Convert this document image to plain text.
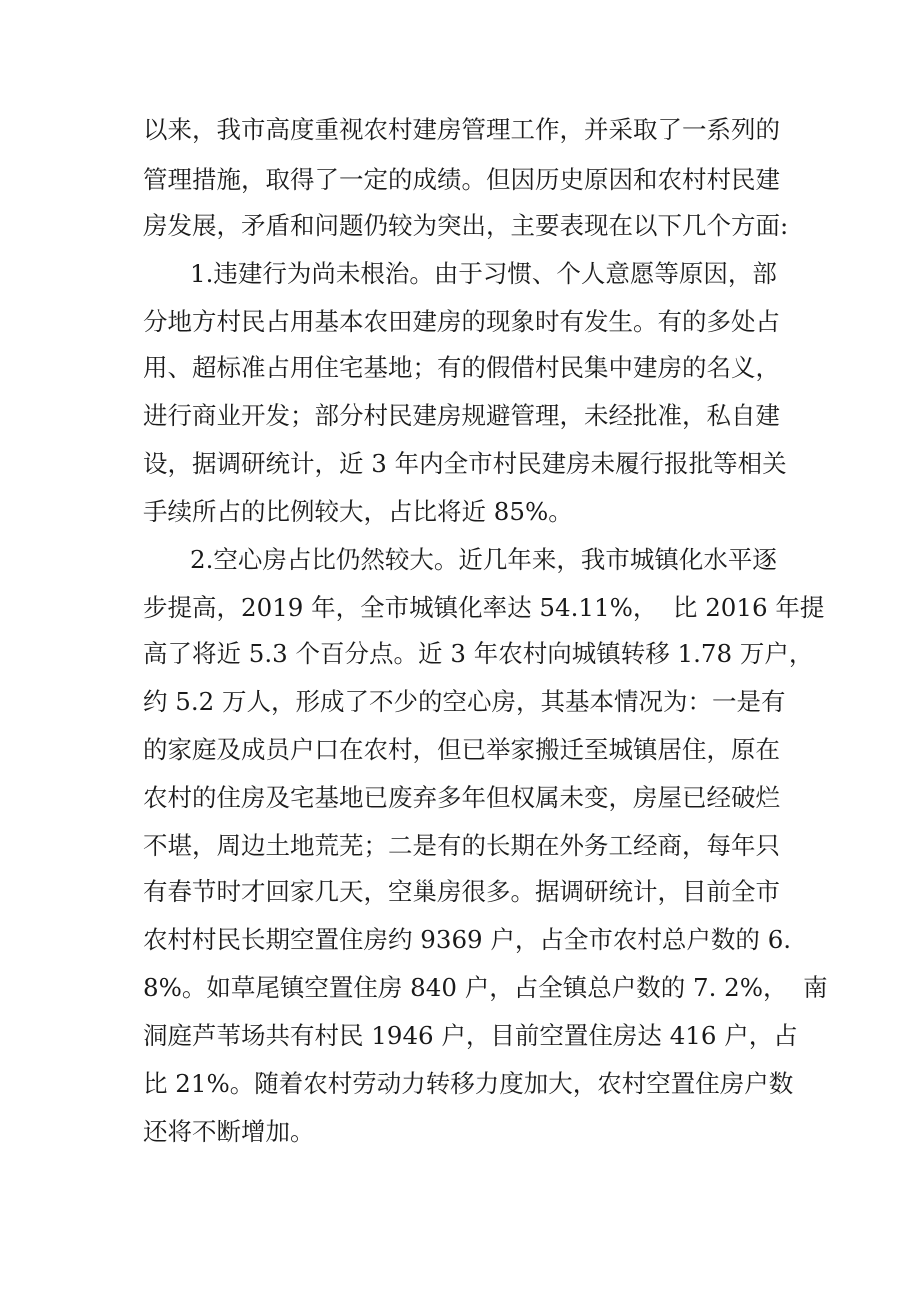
以来，我市高度重视农村建房管理工作，并采取了一系列的

管理措施，取得了一定的成绩。但因历史原因和农村村民建

房发展，矛盾和问题仍较为突出，主要表现在以下几个方面:

1.违建行为尚未根治。由于习惯、个人意愿等原因，部

分地方村民占用基本农田建房的现象时有发生。有的多处占

用、超标准占用住宅基地；有的假借村民集中建房的名义，

进行商业开发；部分村民建房规避管理，未经批准，私自建

设，据调研统计，近 3 年内全市村民建房未履行报批等相关

手续所占的比例较大，占比将近 85%。

2.空心房占比仍然较大。近几年来，我市城镇化水平逐

步提高，2019 年，全市城镇化率达 54.11%，  比 2016 年提

高了将近 5.3 个百分点。近 3 年农村向城镇转移 1.78 万户，

约 5.2 万人，形成了不少的空心房，其基本情况为：一是有

的家庭及成员户口在农村，但已举家搬迁至城镇居住，原在

农村的住房及宅基地已废弃多年但权属未变，房屋已经破烂

不堪，周边土地荒芜；二是有的长期在外务工经商，每年只

有春节时才回家几天，空巢房很多。据调研统计，目前全市

农村村民长期空置住房约 9369 户，占全市农村总户数的 6.

8%。如草尾镇空置住房 840 户，占全镇总户数的 7. 2%，  南

洞庭芦苇场共有村民 1946 户，目前空置住房达 416 户，占

比 21%。随着农村劳动力转移力度加大，农村空置住房户数

还将不断增加。
